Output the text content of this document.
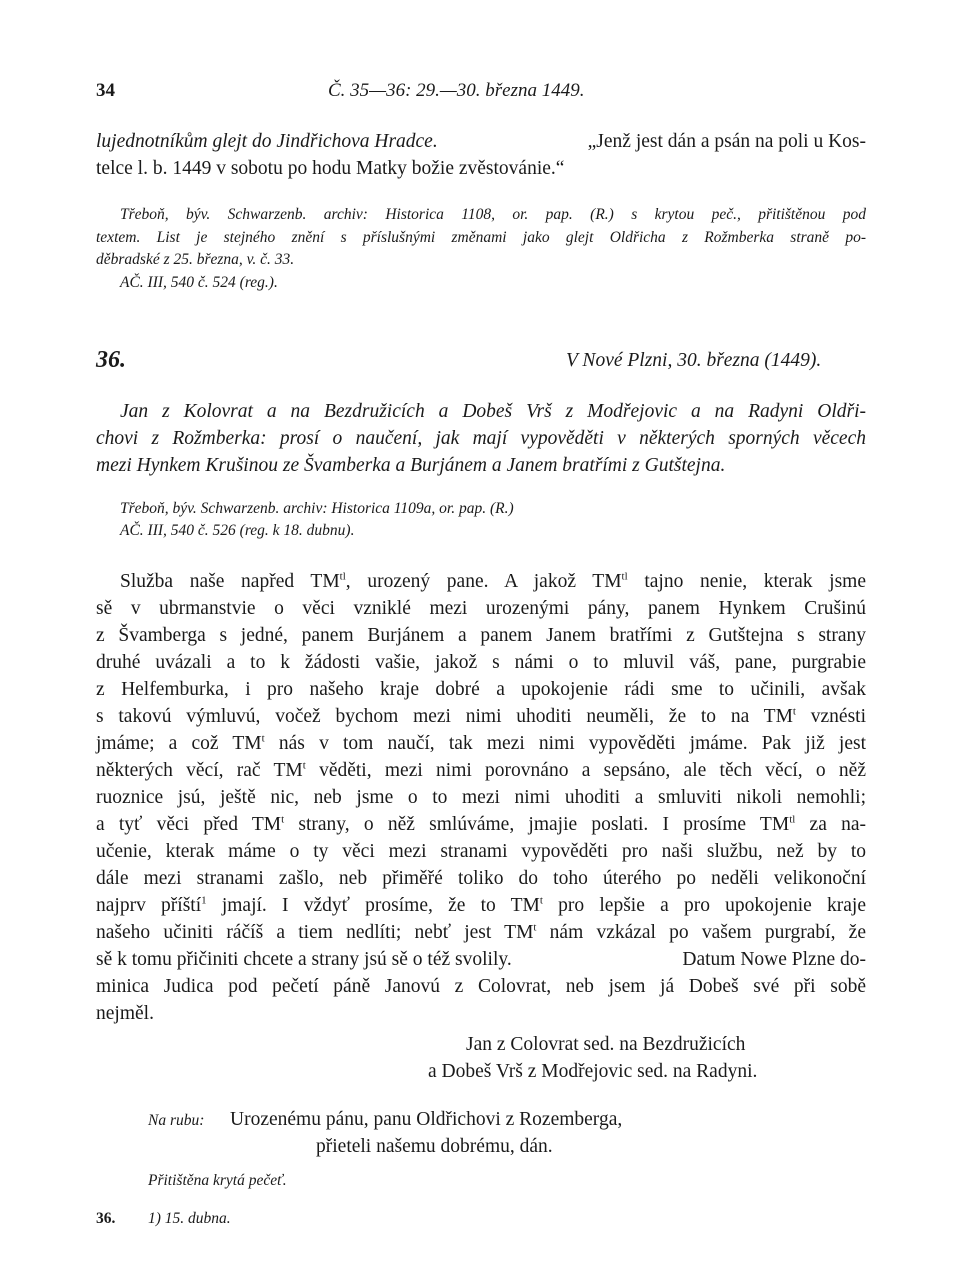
34	Č. 35—36: 29.—30. března 1449.
lujednotníkům glejt do Jindřichova Hradce.	„Jenž jest dán a psán na poli u Kos-
telce l. b. 1449 v sobotu po hodu Matky božie zvěstovánie.“
Třeboň, býv. Schwarzenb. archiv: Historica 1108, or. pap. (R.) s krytou peč., přitištěnou pod
textem. List je stejného znění s příslušnými změnami jako glejt Oldřicha z Rožmberka straně po-
děbradské z 25. března, v. č. 33.
AČ. III, 540 č. 524 (reg.).
36.	V Nové Plzni, 30. března (1449).
Jan z Kolovrat a na Bezdružicích a Dobeš Vrš z Modřejovic a na Radyni Oldři-
chovi z Rožmberka: prosí o naučení, jak mají vypověděti v některých sporných věcech
mezi Hynkem Krušinou ze Švamberka a Burjánem a Janem bratřími z Gutštejna.
Třeboň, býv. Schwarzenb. archiv: Historica 1109a, or. pap. (R.)
AČ. III, 540 č. 526 (reg. k 18. dubnu).
Služba naše napřed $TM^{tl}$, urozený pane. A jakož $TM^{tl}$ tajno nenie, kterak jsme
sě v ubrmanstvie o věci vzniklé mezi urozenými pány, panem Hynkem Crušinú
z Švamberga s jedné, panem Burjánem a panem Janem bratřími z Gutštejna s strany
druhé uvázali a to k žádosti vašie, jakož s námi o to mluvil váš, pane, purgrabie
z Helfemburka, i pro našeho kraje dobré a upokojenie rádi sme to učinili, avšak
s takovú výmluvú, vočež bychom mezi nimi uhoditi neuměli, že to na $TM^t$ vznésti
jmáme; a což $TM^t$ nás v tom naučí, tak mezi nimi vypověděti jmáme. Pak již jest
některých věcí, rač $TM^t$ věděti, mezi nimi porovnáno a sepsáno, ale těch věcí, o něž
ruoznice jsú, ještě nic, neb jsme o to mezi nimi uhoditi a smluviti nikoli nemohli;
a tyť věci před $TM^t$ strany, o něž smlúváme, jmajie poslati. I prosíme $TM^{tl}$ za na-
učenie, kterak máme o ty věci mezi stranami vypověděti pro naši službu, než by to
dále mezi stranami zašlo, neb přiměřé toliko do toho úterého po neděli velikonoční
najprv příští$^1$ jmají. I vždyť prosíme, že to $TM^t$ pro lepšie a pro upokojenie kraje
našeho učiniti ráčíš a tiem nedlíti; nebť jest $TM^t$ nám vzkázal po vašem purgrabí, že
sě k tomu přičiniti chcete a strany jsú sě o též svolily.	Datum Nowe Plzne do-
minica Judica pod pečetí páně Janovú z Colovrat, neb jsem já Dobeš své při sobě
nejměl.
Jan z Colovrat sed. na Bezdružicích
a Dobeš Vrš z Modřejovic sed. na Radyni.
Na rubu: Urozenému pánu, panu Oldřichovi z Rozemberga,
přieteli našemu dobrému, dán.
Přitištěna krytá pečeť.
36. 1) 15. dubna.
